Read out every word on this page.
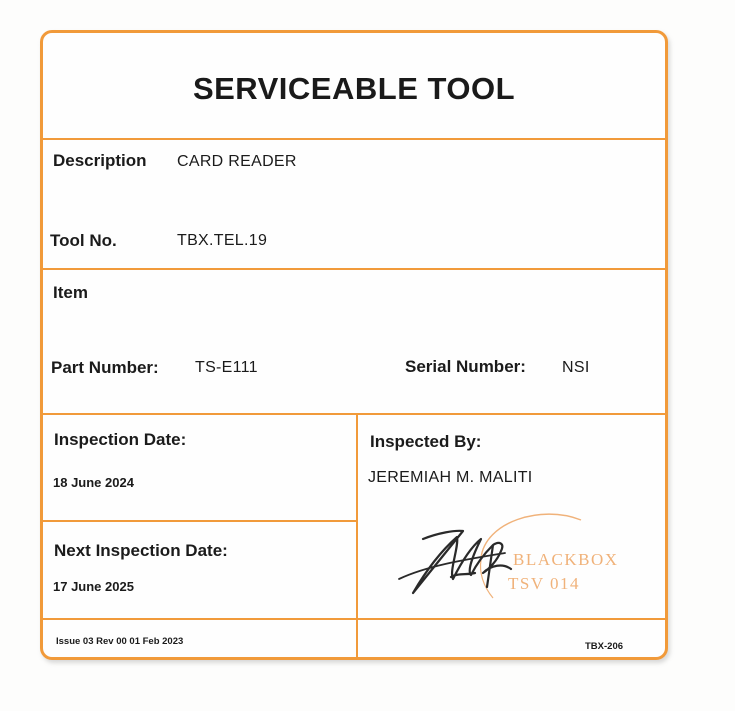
SERVICEABLE TOOL
Description CARD READER
Tool No.	TBX.TEL.19
Item
Part Number: TS-E111	Serial Number: NSI
Inspection Date:
18 June 2024
Inspected By:
JEREMIAH M. MALITI
Next Inspection Date:
17 June 2025
Issue 03 Rev 00 01 Feb 2023	TBX-206
BLACKBOX
TSV 014
